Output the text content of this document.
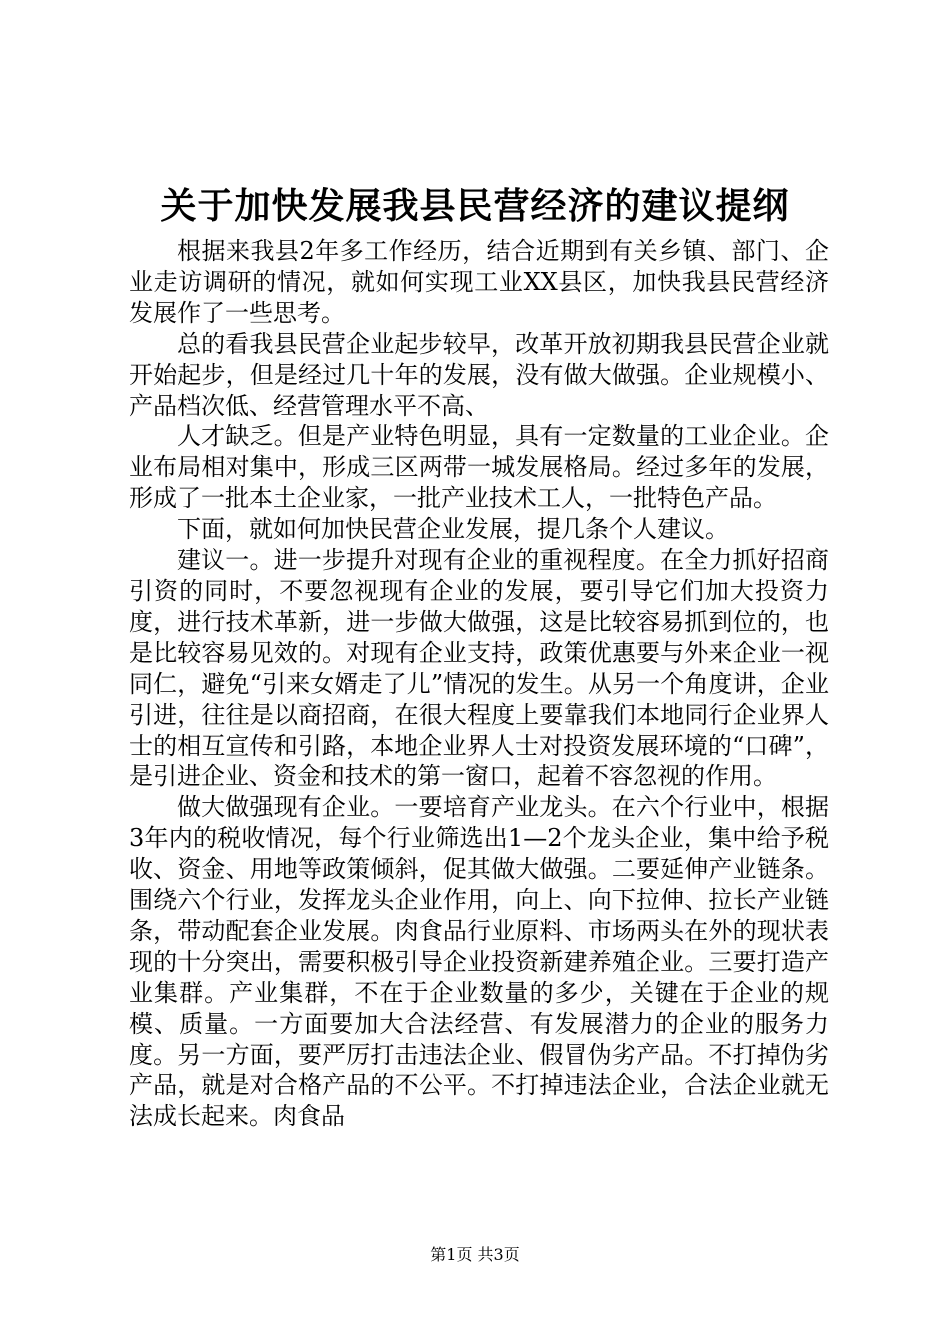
关于加快发展我县民营经济的建议提纲

根据来我县2年多工作经历，结合近期到有关乡镇、部门、企业走访调研的情况，就如何实现工业XX县区，加快我县民营经济发展作了一些思考。

总的看我县民营企业起步较早，改革开放初期我县民营企业就开始起步，但是经过几十年的发展，没有做大做强。企业规模小、产品档次低、经营管理水平不高、

人才缺乏。但是产业特色明显，具有一定数量的工业企业。企业布局相对集中，形成三区两带一城发展格局。经过多年的发展，形成了一批本土企业家，一批产业技术工人，一批特色产品。

下面，就如何加快民营企业发展，提几条个人建议。

建议一。进一步提升对现有企业的重视程度。在全力抓好招商引资的同时，不要忽视现有企业的发展，要引导它们加大投资力度，进行技术革新，进一步做大做强，这是比较容易抓到位的，也是比较容易见效的。对现有企业支持，政策优惠要与外来企业一视同仁，避免“引来女婿走了儿”情况的发生。从另一个角度讲，企业引进，往往是以商招商，在很大程度上要靠我们本地同行企业界人士的相互宣传和引路，本地企业界人士对投资发展环境的“口碑”，是引进企业、资金和技术的第一窗口，起着不容忽视的作用。

做大做强现有企业。一要培育产业龙头。在六个行业中，根据3年内的税收情况，每个行业筛选出1—2个龙头企业，集中给予税收、资金、用地等政策倾斜，促其做大做强。二要延伸产业链条。围绕六个行业，发挥龙头企业作用，向上、向下拉伸、拉长产业链条，带动配套企业发展。肉食品行业原料、市场两头在外的现状表现的十分突出，需要积极引导企业投资新建养殖企业。三要打造产业集群。产业集群，不在于企业数量的多少，关键在于企业的规模、质量。一方面要加大合法经营、有发展潜力的企业的服务力度。另一方面，要严厉打击违法企业、假冒伪劣产品。不打掉伪劣产品，就是对合格产品的不公平。不打掉违法企业，合法企业就无法成长起来。肉食品

第1页 共3页
